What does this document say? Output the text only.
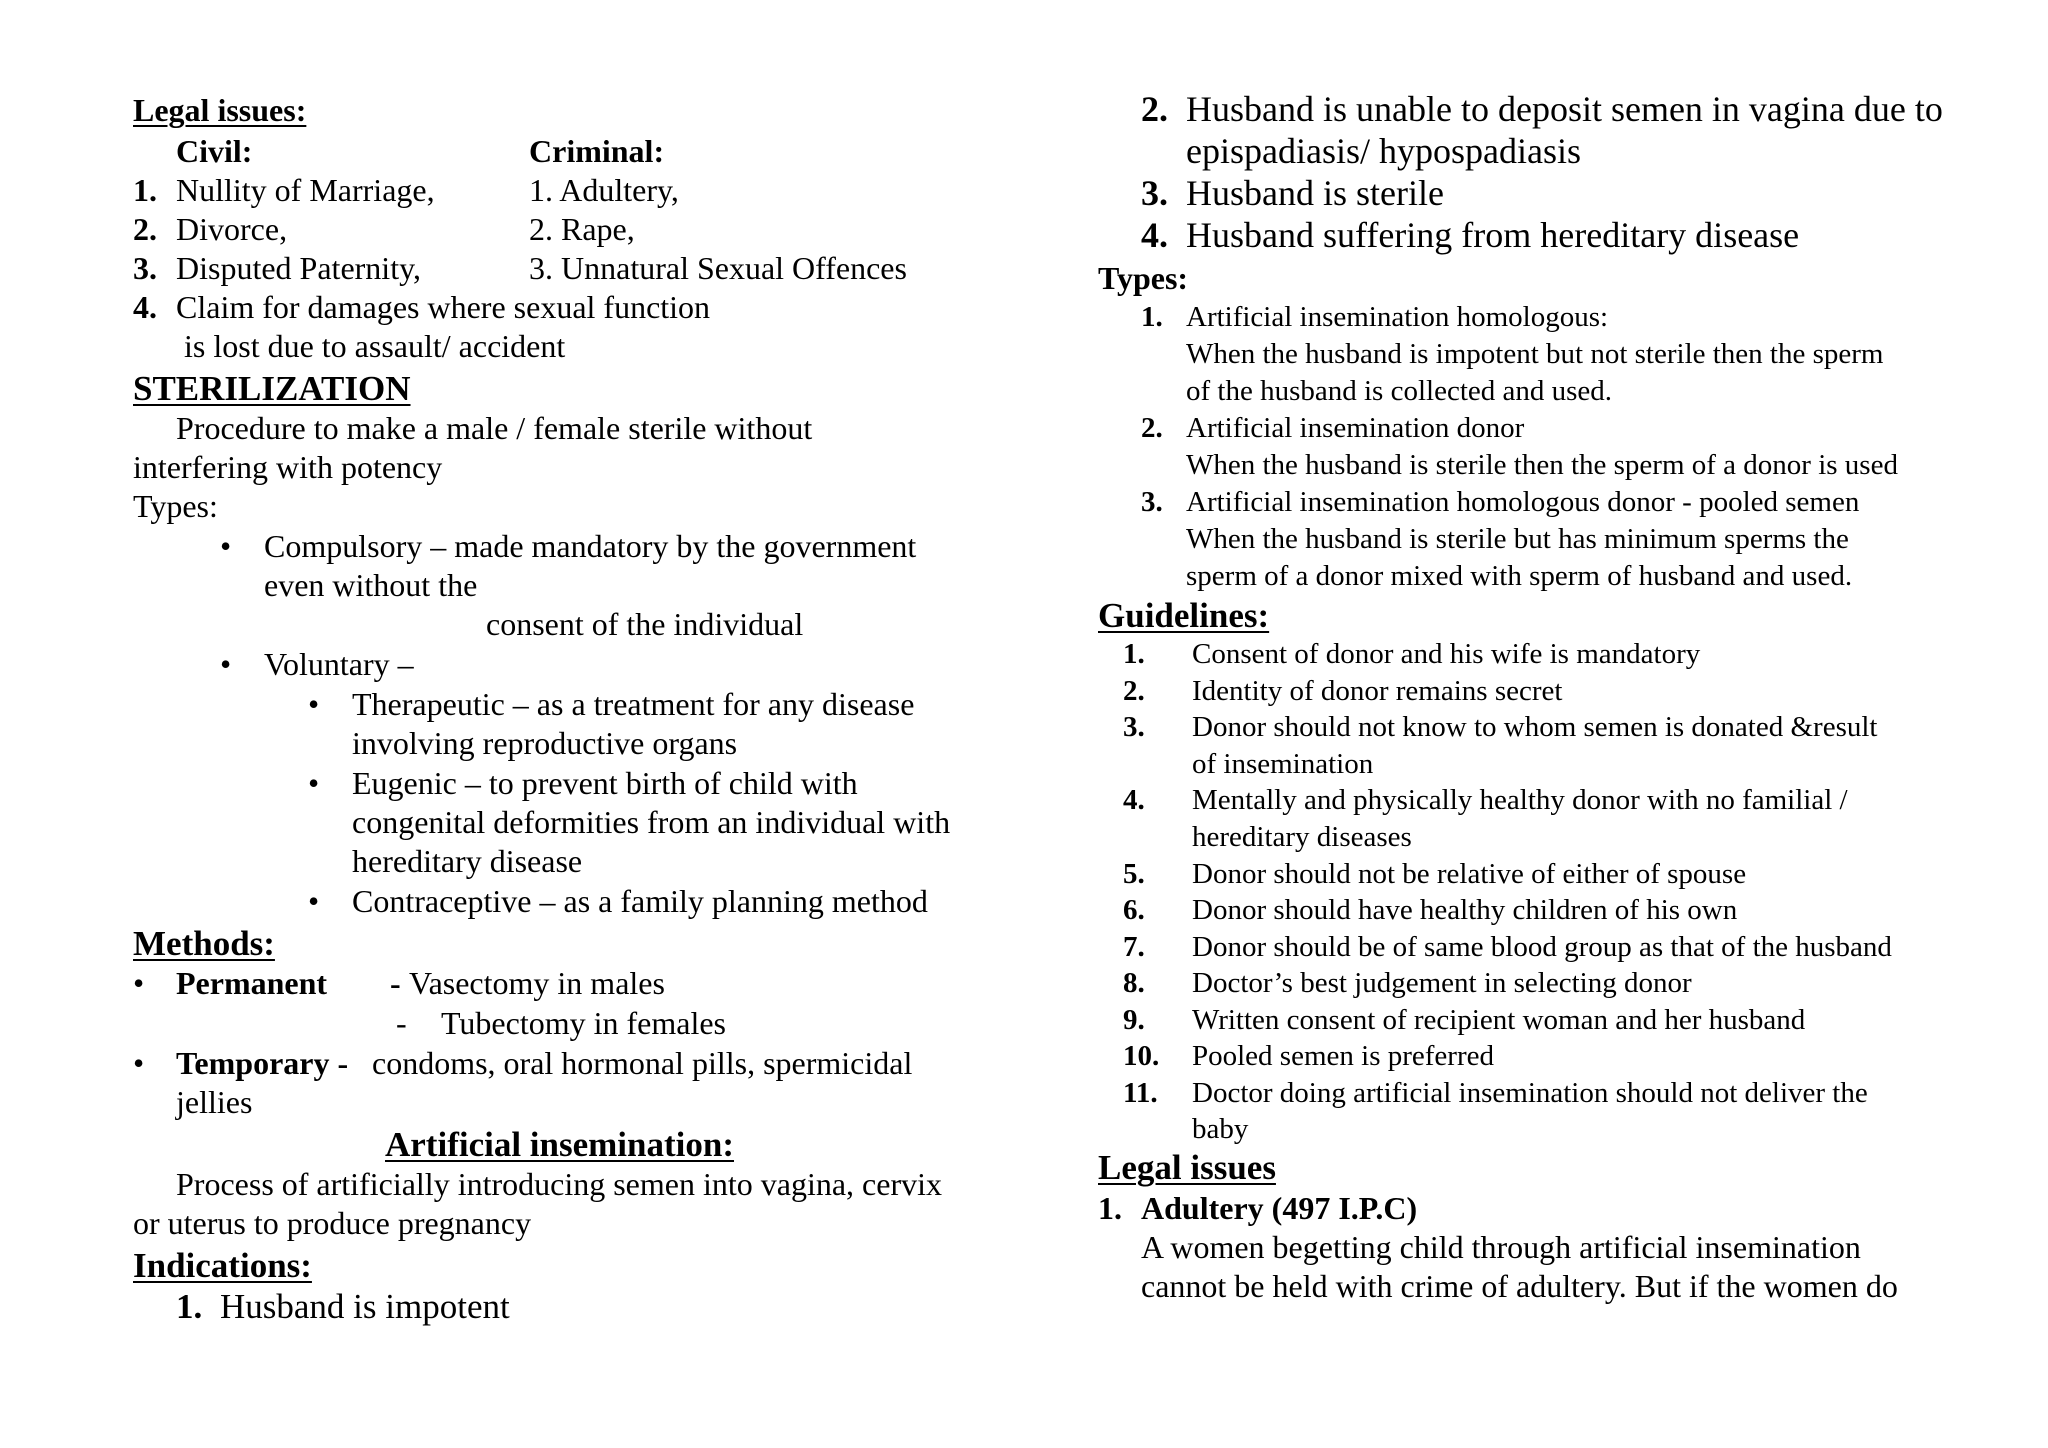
Legal issues:
Civil:	Criminal:
1. Nullity of Marriage,	1. Adultery,
2. Divorce,	2. Rape,
3. Disputed Paternity,	3. Unnatural Sexual Offences
4. Claim for damages where sexual function
is lost due to assault/ accident
STERILIZATION
Procedure to make a male / female sterile without
interfering with potency
Types:
• Compulsory – made mandatory by the government
even without the
consent of the individual
• Voluntary –
• Therapeutic – as a treatment for any disease
involving reproductive organs
• Eugenic – to prevent birth of child with
congenital deformities from an individual with
hereditary disease
• Contraceptive – as a family planning method
Methods:
• Permanent - Vasectomy in males
- Tubectomy in females
• Temporary - condoms, oral hormonal pills, spermicidal
jellies
Artificial insemination:
Process of artificially introducing semen into vagina, cervix
or uterus to produce pregnancy
Indications:
1. Husband is impotent
2. Husband is unable to deposit semen in vagina due to
epispadiasis/ hypospadiasis
3. Husband is sterile
4. Husband suffering from hereditary disease
Types:
1. Artificial insemination homologous:
When the husband is impotent but not sterile then the sperm
of the husband is collected and used.
2. Artificial insemination donor
When the husband is sterile then the sperm of a donor is used
3. Artificial insemination homologous donor - pooled semen
When the husband is sterile but has minimum sperms the
sperm of a donor mixed with sperm of husband and used.
Guidelines:
1. Consent of donor and his wife is mandatory
2. Identity of donor remains secret
3. Donor should not know to whom semen is donated &result
of insemination
4. Mentally and physically healthy donor with no familial /
hereditary diseases
5. Donor should not be relative of either of spouse
6. Donor should have healthy children of his own
7. Donor should be of same blood group as that of the husband
8. Doctor’s best judgement in selecting donor
9. Written consent of recipient woman and her husband
10. Pooled semen is preferred
11. Doctor doing artificial insemination should not deliver the
baby
Legal issues
1. Adultery (497 I.P.C)
A women begetting child through artificial insemination
cannot be held with crime of adultery. But if the women do
